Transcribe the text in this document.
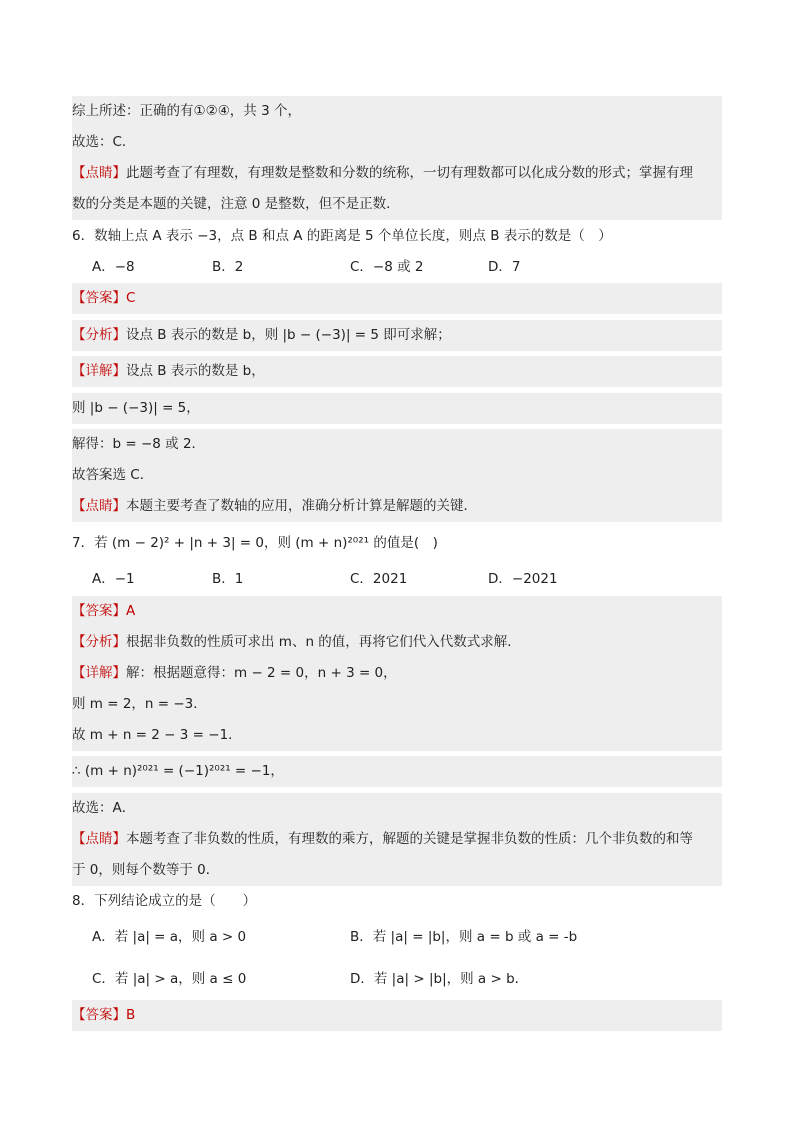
综上所述：正确的有①②④，共 3 个，
故选：C．
【点睛】此题考查了有理数，有理数是整数和分数的统称，一切有理数都可以化成分数的形式；掌握有理
数的分类是本题的关键，注意 0 是整数，但不是正数．
6．数轴上点 A 表示 −3，点 B 和点 A 的距离是 5 个单位长度，则点 B 表示的数是（　）
A．−8	B．2	C．−8 或 2	D．7
【答案】C
【分析】设点 B 表示的数是 b，则 |b − (−3)| = 5 即可求解；
【详解】设点 B 表示的数是 b，
则 |b − (−3)| = 5，
解得：b = −8 或 2．
故答案选 C．
【点睛】本题主要考查了数轴的应用，准确分析计算是解题的关键．
7．若 (m − 2)² + |n + 3| = 0，则 (m + n)²⁰²¹ 的值是(　)
A．−1	B．1	C．2021	D．−2021
【答案】A
【分析】根据非负数的性质可求出 m、n 的值，再将它们代入代数式求解．
【详解】解：根据题意得：m − 2 = 0，n + 3 = 0，
则 m = 2，n = −3．
故 m + n = 2 − 3 = −1．
∴ (m + n)²⁰²¹ = (−1)²⁰²¹ = −1，
故选：A．
【点睛】本题考查了非负数的性质，有理数的乘方，解题的关键是掌握非负数的性质：几个非负数的和等
于 0，则每个数等于 0．
8．下列结论成立的是（　　）
A．若 |a| = a，则 a > 0	B．若 |a| = |b|，则 a = b 或 a = -b
C．若 |a| > a，则 a ≤ 0	D．若 |a| > |b|，则 a > b．
【答案】B
